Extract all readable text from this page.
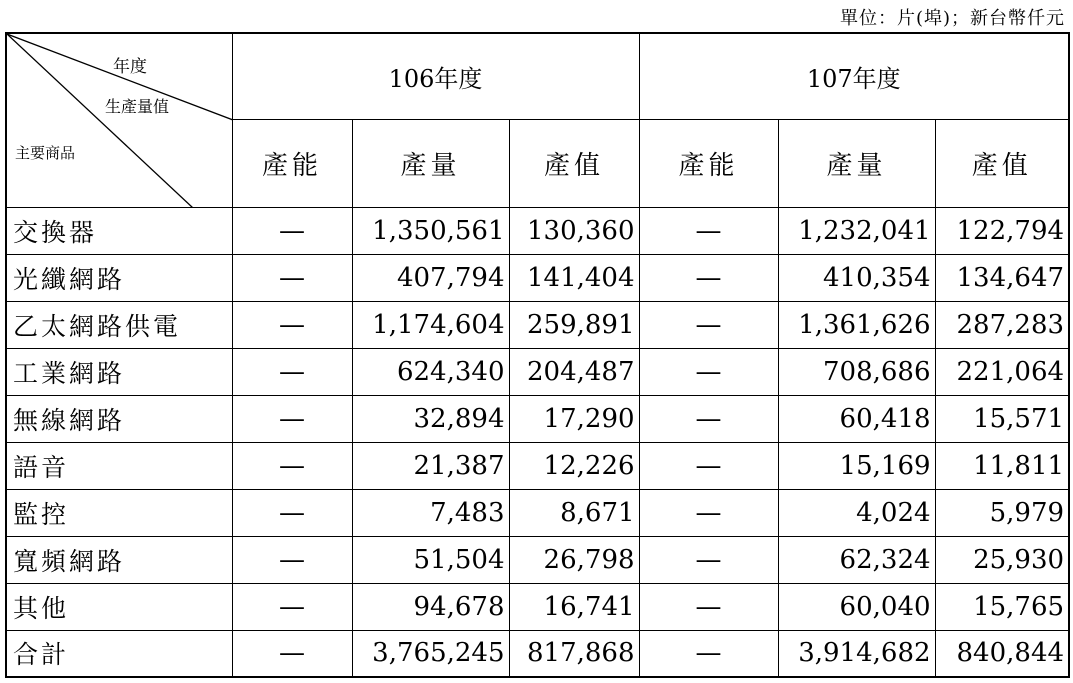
單位：片(埠)；新台幣仟元
年度
生產量值
主要商品	106年度			107年度		
	產能	產量	產值	產能	產量	產值
交換器	—	1,350,561	130,360	—	1,232,041	122,794
光纖網路	—	407,794	141,404	—	410,354	134,647
乙太網路供電	—	1,174,604	259,891	—	1,361,626	287,283
工業網路	—	624,340	204,487	—	708,686	221,064
無線網路	—	32,894	17,290	—	60,418	15,571
語音	—	21,387	12,226	—	15,169	11,811
監控	—	7,483	8,671	—	4,024	5,979
寬頻網路	—	51,504	26,798	—	62,324	25,930
其他	—	94,678	16,741	—	60,040	15,765
合計	—	3,765,245	817,868	—	3,914,682	840,844
